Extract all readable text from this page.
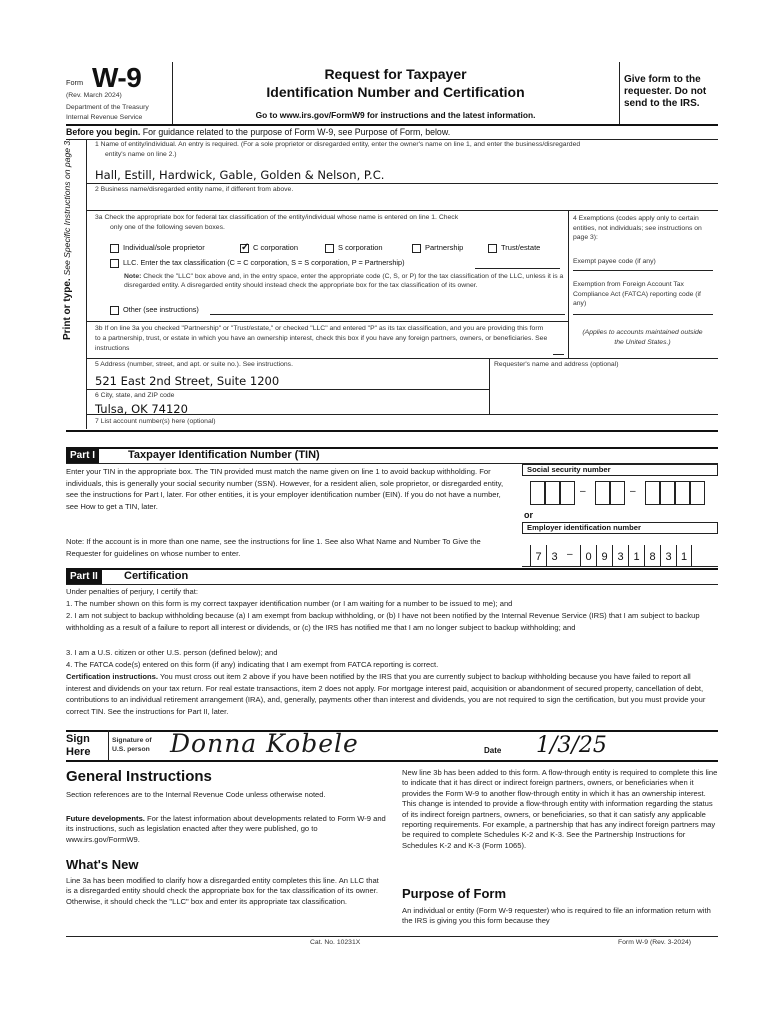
Form W-9
(Rev. March 2024)
Department of the Treasury
Internal Revenue Service
Request for Taxpayer
Identification Number and Certification
Go to www.irs.gov/FormW9 for instructions and the latest information.
Give form to the requester. Do not send to the IRS.
Before you begin. For guidance related to the purpose of Form W-9, see Purpose of Form, below.
1 Name of entity/individual. An entry is required. (For a sole proprietor or disregarded entity, enter the owner's name on line 1, and enter the business/disregarded
entity's name on line 2.)
Hall, Estill, Hardwick, Gable, Golden & Nelson, P.C.
2 Business name/disregarded entity name, if different from above.
Print or type. See Specific Instructions on page 3.	3a Check the appropriate box for federal tax classification of the entity/individual whose name is entered on line 1. Check
only one of the following seven boxes.
Individual/sole proprietor
✓	C corporation	S corporation	Partnership	Trust/estate
LLC. Enter the tax classification (C = C corporation, S = S corporation, P = Partnership)
Note: Check the "LLC" box above and, in the entry space, enter the appropriate code (C, S, or P) for the tax classification of the LLC, unless it is a disregarded entity. A disregarded entity should instead check the appropriate box for the tax classification of its owner.
Other (see instructions)
3b If on line 3a you checked "Partnership" or "Trust/estate," or checked "LLC" and entered "P" as its tax classification, and you are providing this form to a partnership, trust, or estate in which you have an ownership interest, check this box if you have any foreign partners, owners, or beneficiaries. See instructions
4 Exemptions (codes apply only to certain entities, not individuals; see instructions on page 3):
Exempt payee code (if any)
Exemption from Foreign Account Tax Compliance Act (FATCA) reporting code (if any)
(Applies to accounts maintained outside the United States.)
5 Address (number, street, and apt. or suite no.). See instructions.
521 East 2nd Street, Suite 1200
Requester's name and address (optional)
6 City, state, and ZIP code
Tulsa, OK 74120
7 List account number(s) here (optional)
Part I	Taxpayer Identification Number (TIN)
Enter your TIN in the appropriate box. The TIN provided must match the name given on line 1 to avoid backup withholding. For individuals, this is generally your social security number (SSN). However, for a resident alien, sole proprietor, or disregarded entity, see the instructions for Part I, later. For other entities, it is your employer identification number (EIN). If you do not have a number, see How to get a TIN, later.
Note: If the account is in more than one name, see the instructions for line 1. See also What Name and Number To Give the Requester for guidelines on whose number to enter.
Social security number
–	–
or
Employer identification number
7 3 –	0 9 3 1 8 3 1
Part II	Certification
Under penalties of perjury, I certify that:
1. The number shown on this form is my correct taxpayer identification number (or I am waiting for a number to be issued to me); and
2. I am not subject to backup withholding because (a) I am exempt from backup withholding, or (b) I have not been notified by the Internal Revenue Service (IRS) that I am subject to backup withholding as a result of a failure to report all interest or dividends, or (c) the IRS has notified me that I am no longer subject to backup withholding; and
3. I am a U.S. citizen or other U.S. person (defined below); and
4. The FATCA code(s) entered on this form (if any) indicating that I am exempt from FATCA reporting is correct.
Certification instructions. You must cross out item 2 above if you have been notified by the IRS that you are currently subject to backup withholding because you have failed to report all interest and dividends on your tax return. For real estate transactions, item 2 does not apply. For mortgage interest paid, acquisition or abandonment of secured property, cancellation of debt, contributions to an individual retirement arrangement (IRA), and, generally, payments other than interest and dividends, you are not required to sign the certification, but you must provide your correct TIN. See the instructions for Part II, later.
Sign
Here
Signature of
U.S. person Donna Kobele	Date 1/3/25
General Instructions
Section references are to the Internal Revenue Code unless otherwise noted.
Future developments. For the latest information about developments related to Form W-9 and its instructions, such as legislation enacted after they were published, go to www.irs.gov/FormW9.
What's New
Line 3a has been modified to clarify how a disregarded entity completes this line. An LLC that is a disregarded entity should check the appropriate box for the tax classification of its owner. Otherwise, it should check the "LLC" box and enter its appropriate tax classification.
New line 3b has been added to this form. A flow-through entity is required to complete this line to indicate that it has direct or indirect foreign partners, owners, or beneficiaries when it provides the Form W-9 to another flow-through entity in which it has an ownership interest. This change is intended to provide a flow-through entity with information regarding the status of its indirect foreign partners, owners, or beneficiaries, so that it can satisfy any applicable reporting requirements. For example, a partnership that has any indirect foreign partners may be required to complete Schedules K-2 and K-3. See the Partnership Instructions for Schedules K-2 and K-3 (Form 1065).
Purpose of Form
An individual or entity (Form W-9 requester) who is required to file an information return with the IRS is giving you this form because they
Cat. No. 10231X	Form W-9 (Rev. 3-2024)
